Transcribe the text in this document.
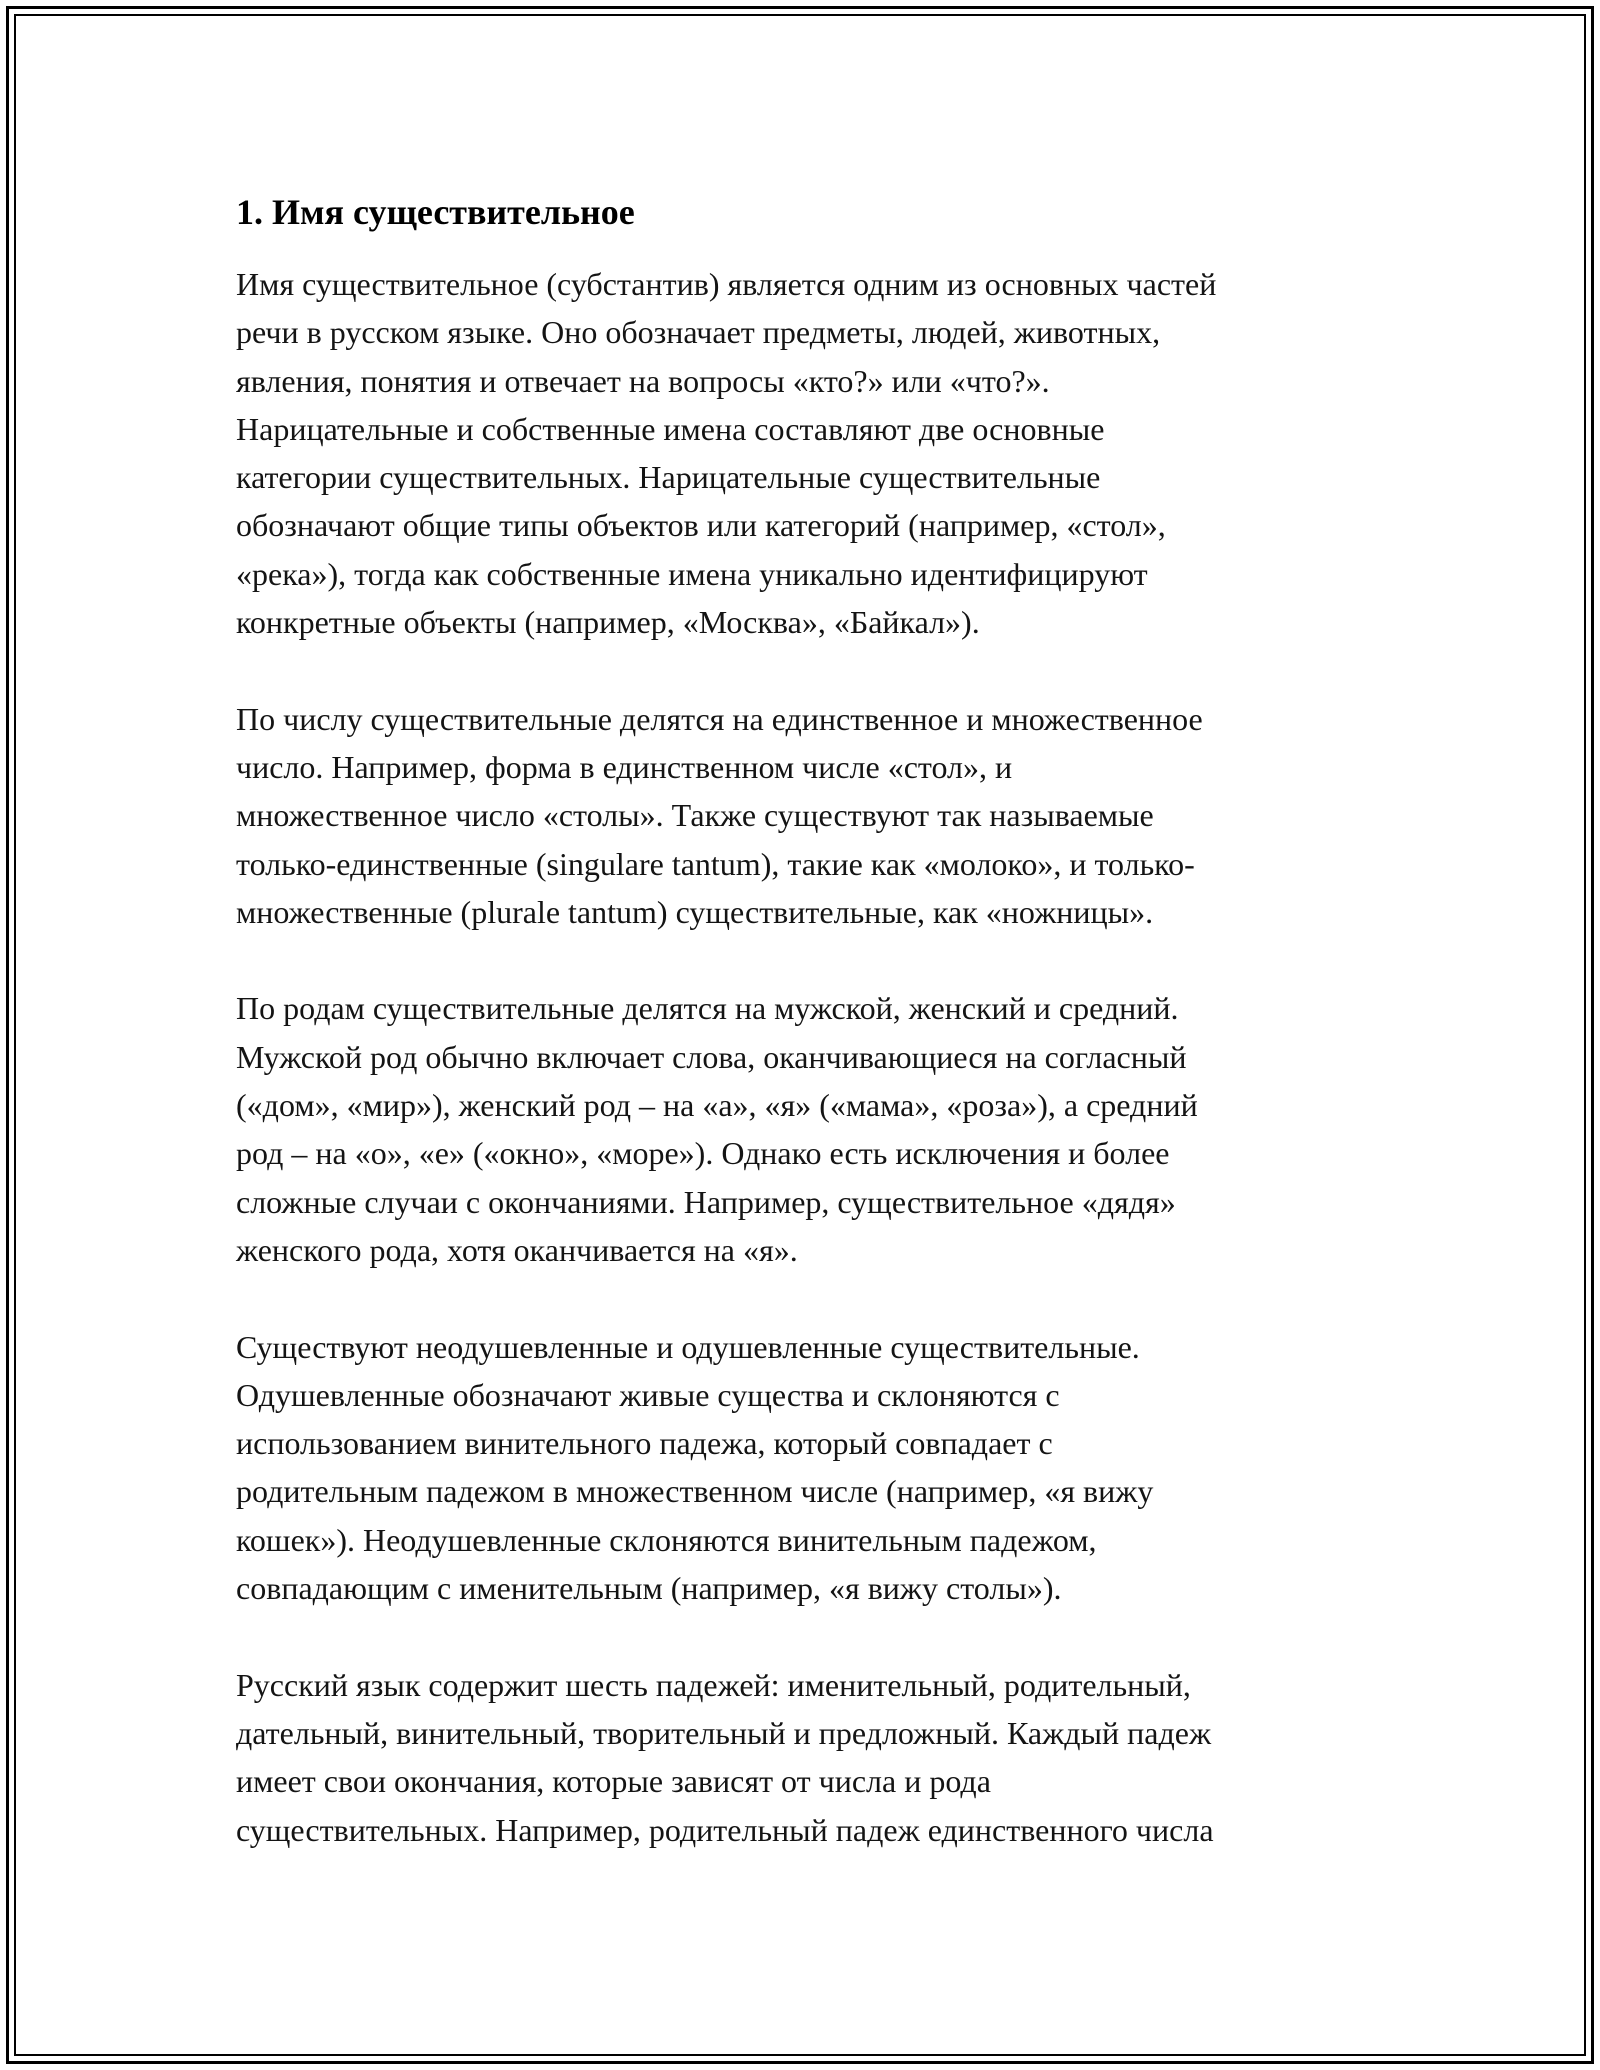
1. Имя существительное

Имя существительное (субстантив) является одним из основных частей
речи в русском языке. Оно обозначает предметы, людей, животных,
явления, понятия и отвечает на вопросы «кто?» или «что?».
Нарицательные и собственные имена составляют две основные
категории существительных. Нарицательные существительные
обозначают общие типы объектов или категорий (например, «стол»,
«река»), тогда как собственные имена уникально идентифицируют
конкретные объекты (например, «Москва», «Байкал»).

По числу существительные делятся на единственное и множественное
число. Например, форма в единственном числе «стол», и
множественное число «столы». Также существуют так называемые
только-единственные (singulare tantum), такие как «молоко», и только-
множественные (plurale tantum) существительные, как «ножницы».

По родам существительные делятся на мужской, женский и средний.
Мужской род обычно включает слова, оканчивающиеся на согласный
(«дом», «мир»), женский род – на «а», «я» («мама», «роза»), а средний
род – на «о», «е» («окно», «море»). Однако есть исключения и более
сложные случаи с окончаниями. Например, существительное «дядя»
женского рода, хотя оканчивается на «я».

Существуют неодушевленные и одушевленные существительные.
Одушевленные обозначают живые существа и склоняются с
использованием винительного падежа, который совпадает с
родительным падежом в множественном числе (например, «я вижу
кошек»). Неодушевленные склоняются винительным падежом,
совпадающим с именительным (например, «я вижу столы»).

Русский язык содержит шесть падежей: именительный, родительный,
дательный, винительный, творительный и предложный. Каждый падеж
имеет свои окончания, которые зависят от числа и рода
существительных. Например, родительный падеж единственного числа
